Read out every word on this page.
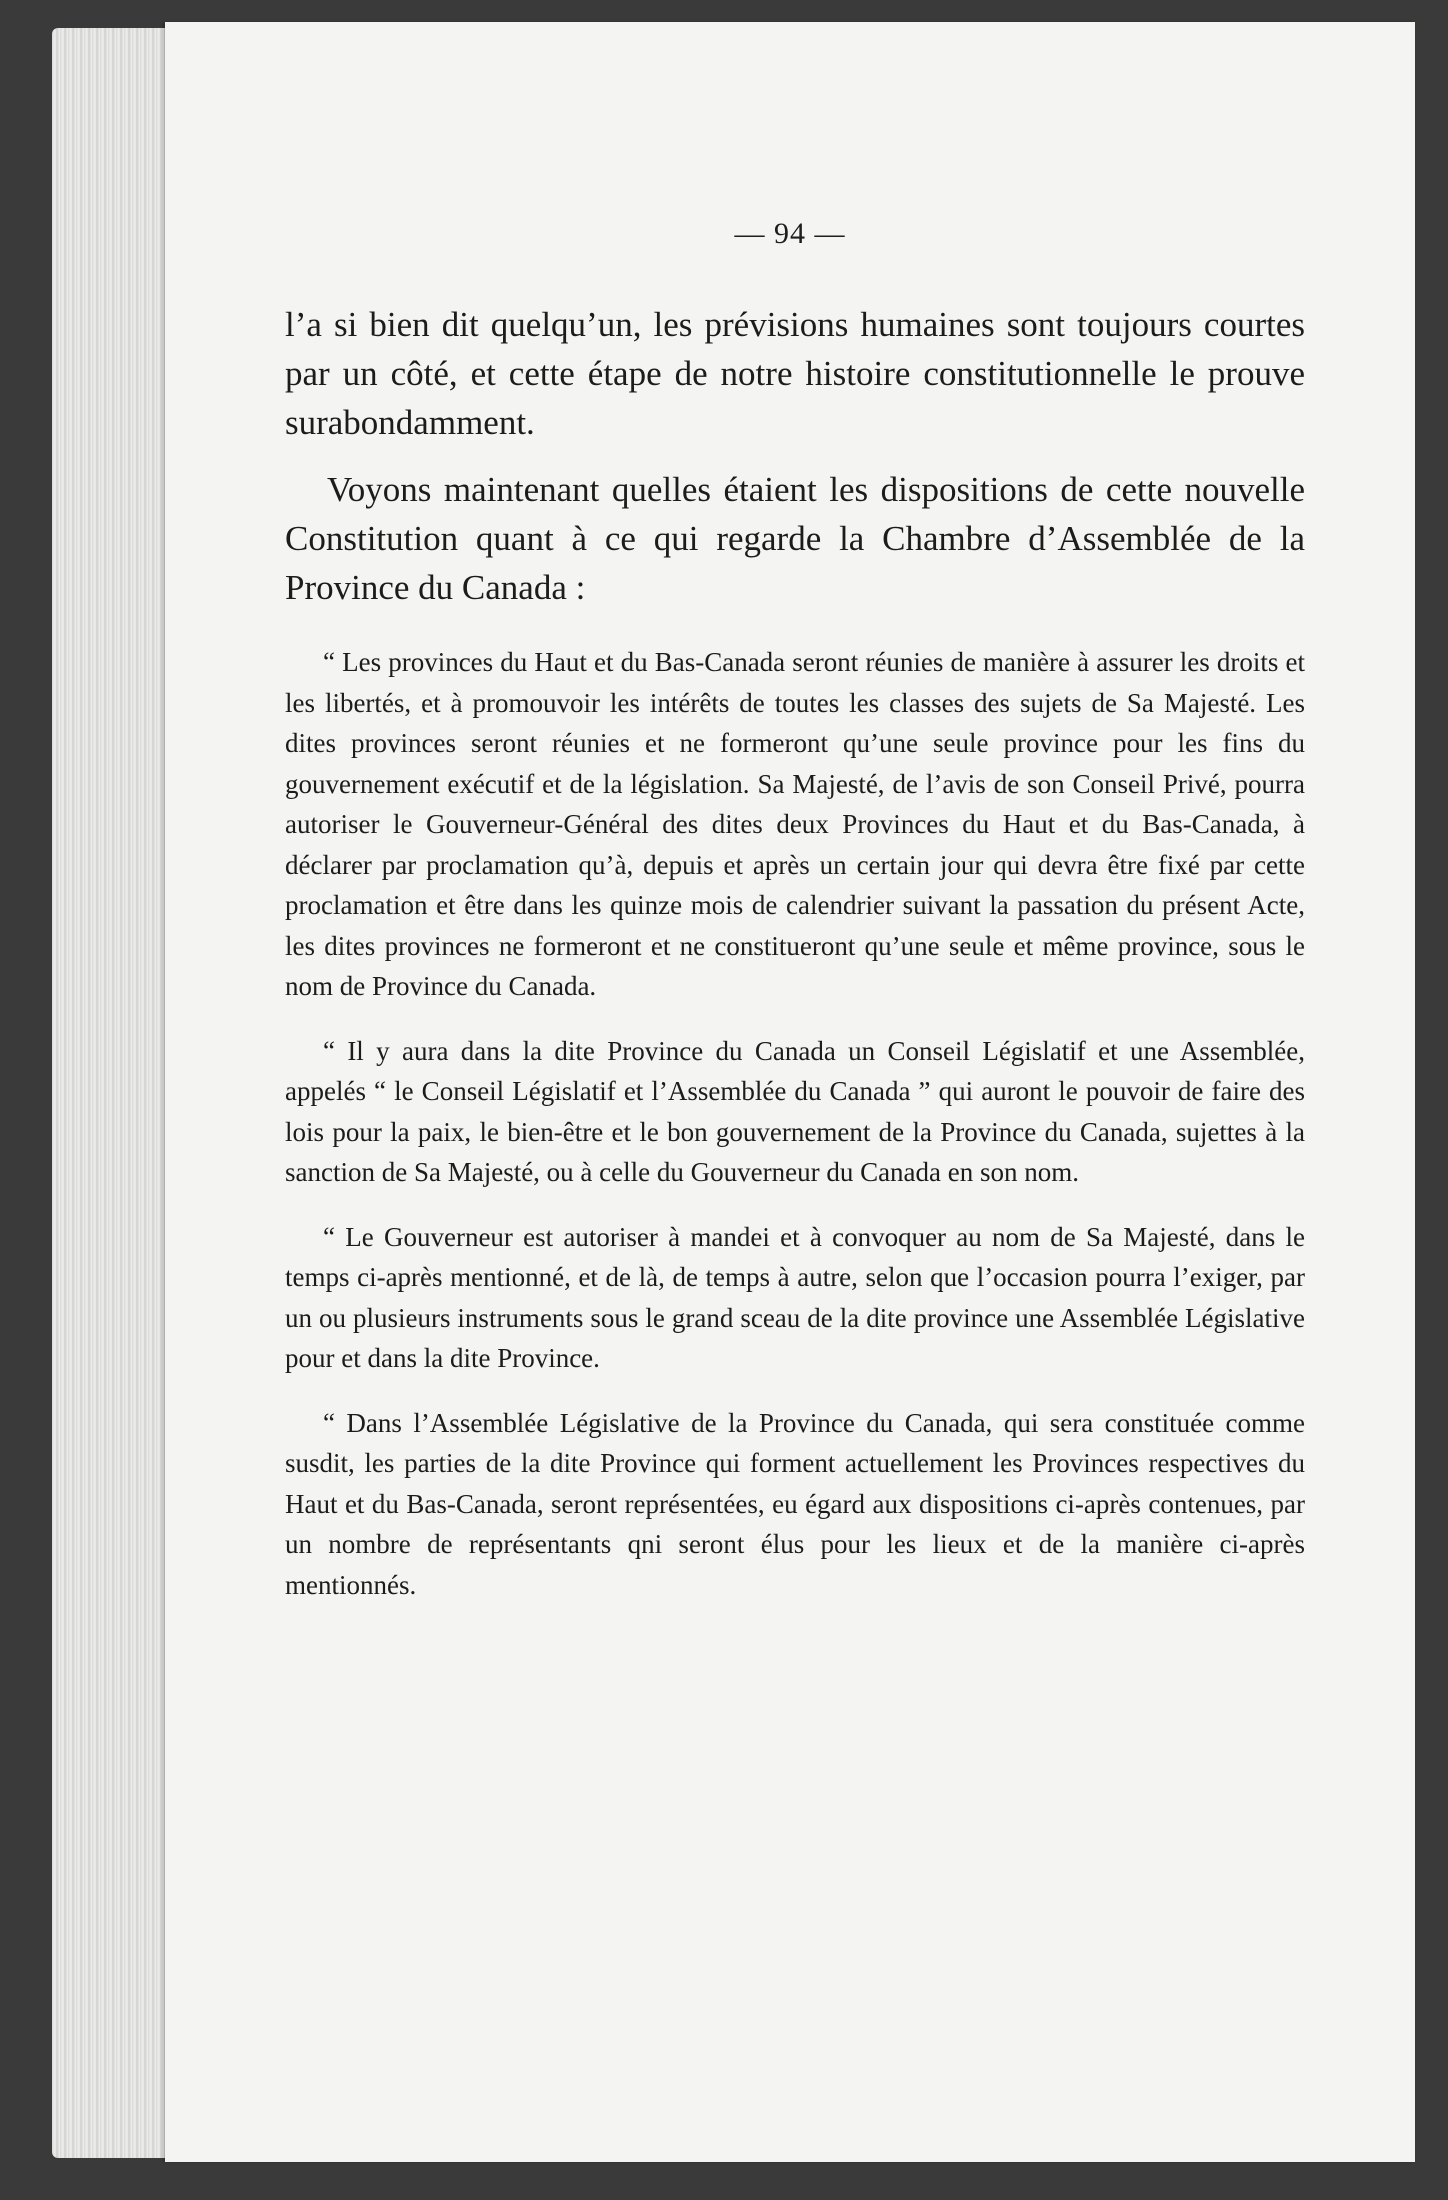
— 94 —

l’a si bien dit quelqu’un, les prévisions humaines sont toujours courtes par un côté, et cette étape de notre histoire constitutionnelle le prouve surabondamment.

Voyons maintenant quelles étaient les dispositions de cette nouvelle Constitution quant à ce qui regarde la Chambre d’Assemblée de la Province du Canada :

“ Les provinces du Haut et du Bas-Canada seront réunies de manière à assurer les droits et les libertés, et à promouvoir les intérêts de toutes les classes des sujets de Sa Majesté. Les dites provinces seront réunies et ne formeront qu’une seule province pour les fins du gouvernement exécutif et de la législation. Sa Majesté, de l’avis de son Conseil Privé, pourra autoriser le Gouverneur-Général des dites deux Provinces du Haut et du Bas-Canada, à déclarer par proclamation qu’à, depuis et après un certain jour qui devra être fixé par cette proclamation et être dans les quinze mois de calendrier suivant la passation du présent Acte, les dites provinces ne formeront et ne constitueront qu’une seule et même province, sous le nom de Province du Canada.

“ Il y aura dans la dite Province du Canada un Conseil Législatif et une Assemblée, appelés “ le Conseil Législatif et l’Assemblée du Canada ” qui auront le pouvoir de faire des lois pour la paix, le bien-être et le bon gouvernement de la Province du Canada, sujettes à la sanction de Sa Majesté, ou à celle du Gouverneur du Canada en son nom.

“ Le Gouverneur est autoriser à mandei et à convoquer au nom de Sa Majesté, dans le temps ci-après mentionné, et de là, de temps à autre, selon que l’occasion pourra l’exiger, par un ou plusieurs instruments sous le grand sceau de la dite province une Assemblée Législative pour et dans la dite Province.

“ Dans l’Assemblée Législative de la Province du Canada, qui sera constituée comme susdit, les parties de la dite Province qui forment actuellement les Provinces respectives du Haut et du Bas-Canada, seront représentées, eu égard aux dispositions ci-après contenues, par un nombre de représentants qni seront élus pour les lieux et de la manière ci-après mentionnés.
